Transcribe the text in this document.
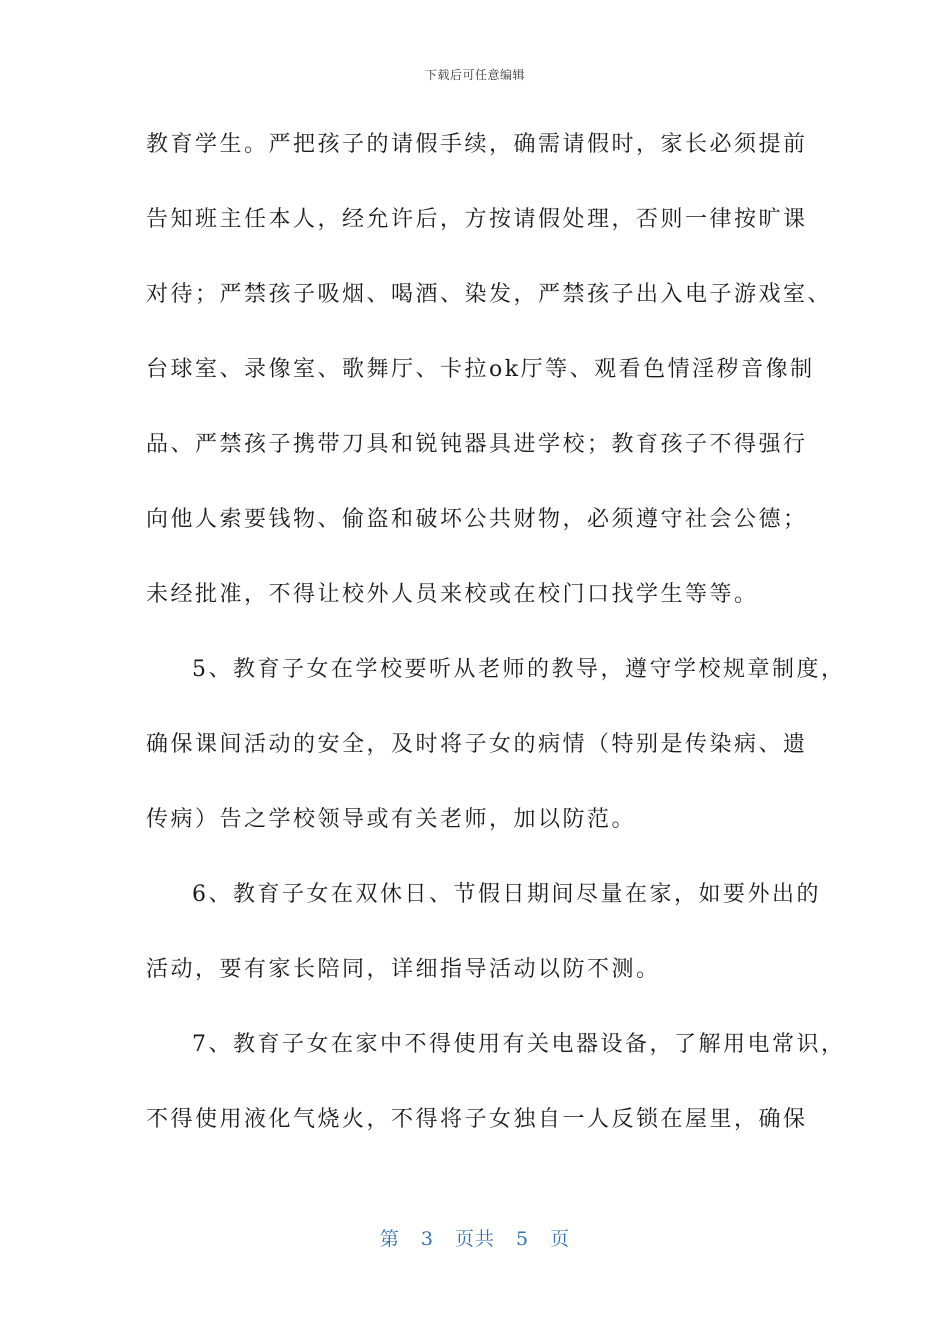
下载后可任意编辑
教育学生。严把孩子的请假手续，确需请假时，家长必须提前
告知班主任本人，经允许后，方按请假处理，否则一律按旷课
对待；严禁孩子吸烟、喝酒、染发，严禁孩子出入电子游戏室、
台球室、录像室、歌舞厅、卡拉ok厅等、观看色情淫秽音像制
品、严禁孩子携带刀具和锐钝器具进学校；教育孩子不得强行
向他人索要钱物、偷盗和破坏公共财物，必须遵守社会公德；
未经批准，不得让校外人员来校或在校门口找学生等等。
5、教育子女在学校要听从老师的教导，遵守学校规章制度，
确保课间活动的安全，及时将子女的病情（特别是传染病、遗
传病）告之学校领导或有关老师，加以防范。
6、教育子女在双休日、节假日期间尽量在家，如要外出的
活动，要有家长陪同，详细指导活动以防不测。
7、教育子女在家中不得使用有关电器设备，了解用电常识，
不得使用液化气烧火，不得将子女独自一人反锁在屋里，确保
第 3 页共 5 页
